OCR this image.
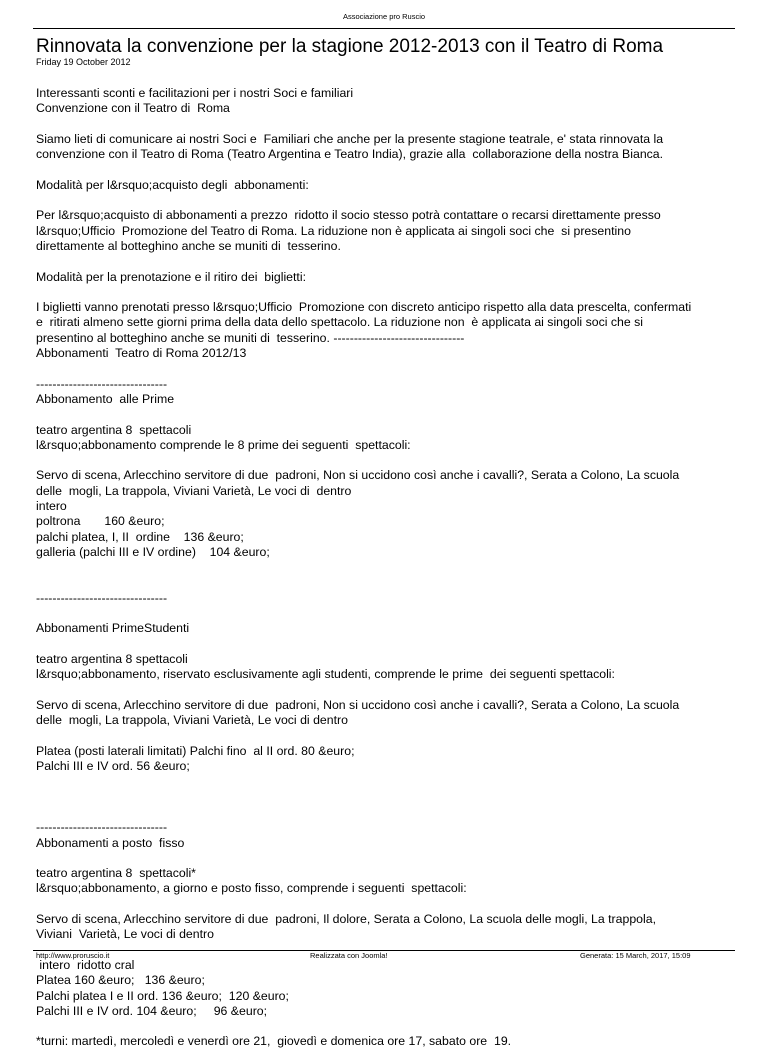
Associazione pro Ruscio
Rinnovata la convenzione per la stagione 2012-2013 con il Teatro di Roma
Friday 19 October 2012
Interessanti sconti e facilitazioni per i nostri Soci e familiari
Convenzione con il Teatro di  Roma

Siamo lieti di comunicare ai nostri Soci e  Familiari che anche per la presente stagione teatrale, e' stata rinnovata la
convenzione con il Teatro di Roma (Teatro Argentina e Teatro India), grazie alla  collaborazione della nostra Bianca.

Modalità per l&rsquo;acquisto degli  abbonamenti:

Per l&rsquo;acquisto di abbonamenti a prezzo  ridotto il socio stesso potrà contattare o recarsi direttamente presso
l&rsquo;Ufficio  Promozione del Teatro di Roma. La riduzione non è applicata ai singoli soci che  si presentino
direttamente al botteghino anche se muniti di  tesserino.

Modalità per la prenotazione e il ritiro dei  biglietti:

I biglietti vanno prenotati presso l&rsquo;Ufficio  Promozione con discreto anticipo rispetto alla data prescelta, confermati
e  ritirati almeno sette giorni prima della data dello spettacolo. La riduzione non  è applicata ai singoli soci che si
presentino al botteghino anche se muniti di  tesserino. --------------------------------
Abbonamenti  Teatro di Roma 2012/13

--------------------------------
Abbonamento  alle Prime

teatro argentina 8  spettacoli
l&rsquo;abbonamento comprende le 8 prime dei seguenti  spettacoli:

Servo di scena, Arlecchino servitore di due  padroni, Non si uccidono così anche i cavalli?, Serata a Colono, La scuola
delle  mogli, La trappola, Viviani Varietà, Le voci di  dentro
intero
poltrona       160 &euro;
palchi platea, I, II  ordine    136 &euro;
galleria (palchi III e IV ordine)    104 &euro;

--------------------------------

Abbonamenti PrimeStudenti

teatro argentina 8 spettacoli
l&rsquo;abbonamento, riservato esclusivamente agli studenti, comprende le prime  dei seguenti spettacoli:

Servo di scena, Arlecchino servitore di due  padroni, Non si uccidono così anche i cavalli?, Serata a Colono, La scuola
delle  mogli, La trappola, Viviani Varietà, Le voci di dentro

Platea (posti laterali limitati) Palchi fino  al II ord. 80 &euro;
Palchi III e IV ord. 56 &euro;

--------------------------------
Abbonamenti a posto  fisso

teatro argentina 8  spettacoli*
l&rsquo;abbonamento, a giorno e posto fisso, comprende i seguenti  spettacoli:

Servo di scena, Arlecchino servitore di due  padroni, Il dolore, Serata a Colono, La scuola delle mogli, La trappola,
Viviani  Varietà, Le voci di dentro

intero  ridotto cral
Platea 160 &euro;   136 &euro;
Palchi platea I e II ord. 136 &euro;  120 &euro;
Palchi III e IV ord. 104 &euro;     96 &euro;

*turni: martedì, mercoledì e venerdì ore 21,  giovedì e domenica ore 17, sabato ore  19.
http://www.proruscio.it	Realizzata con Joomla!	Generata: 15 March, 2017, 15:09
